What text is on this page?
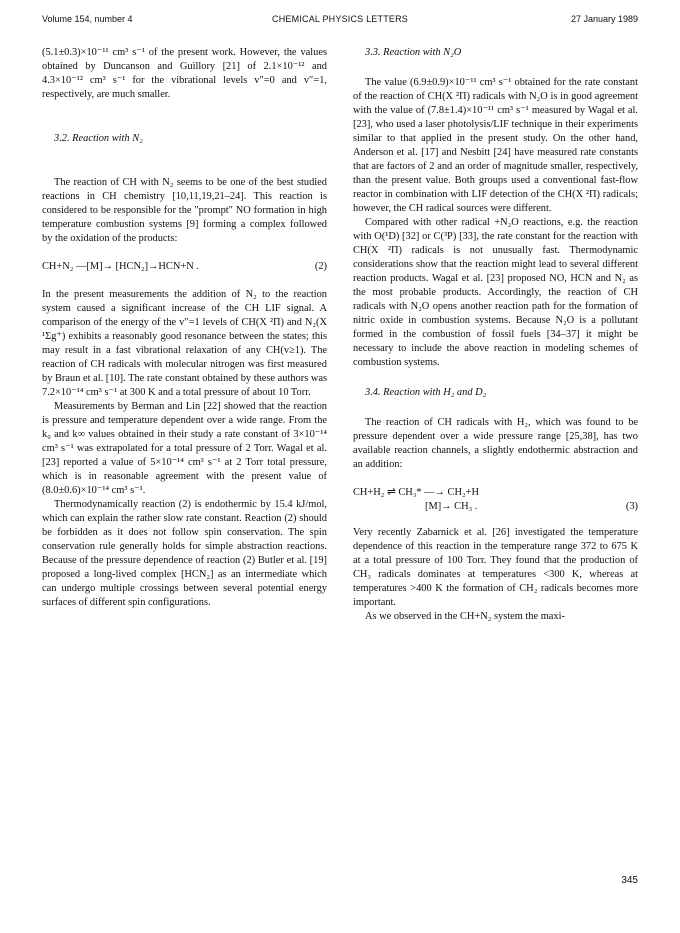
Volume 154, number 4	CHEMICAL PHYSICS LETTERS	27 January 1989

(5.1±0.3)×10⁻¹¹ cm³ s⁻¹ of the present work. However, the values obtained by Duncanson and Guillory [21] of 2.1×10⁻¹² and 4.3×10⁻¹² cm³ s⁻¹ for the vibrational levels v″=0 and v″=1, respectively, are much smaller.

3.2. Reaction with N₂

The reaction of CH with N₂ seems to be one of the best studied reactions in CH chemistry [10,11,19,21–24]. This reaction is considered to be responsible for the "prompt" NO formation in high temperature combustion systems [9] forming a complex followed by the oxidation of the products:

CH+N₂ —[M]→ [HCN₂]→HCN+N .	(2)

In the present measurements the addition of N₂ to the reaction system caused a significant increase of the CH LIF signal. A comparison of the energy of the v″=1 levels of CH(X ²Π) and N₂(X ¹Σg⁺) exhibits a reasonably good resonance between the states; this may result in a fast vibrational relaxation of any CH(v≥1). The reaction of CH radicals with molecular nitrogen was first measured by Braun et al. [10]. The rate constant obtained by these authors was 7.2×10⁻¹⁴ cm³ s⁻¹ at 300 K and a total pressure of about 10 Torr.

Measurements by Berman and Lin [22] showed that the reaction is pressure and temperature dependent over a wide range. From the k₀ and k∞ values obtained in their study a rate constant of 3×10⁻¹⁴ cm³ s⁻¹ was extrapolated for a total pressure of 2 Torr. Wagal et al. [23] reported a value of 5×10⁻¹⁴ cm³ s⁻¹ at 2 Torr total pressure, which is in reasonable agreement with the present value of (8.0±0.6)×10⁻¹⁴ cm³ s⁻¹.

Thermodynamically reaction (2) is endothermic by 15.4 kJ/mol, which can explain the rather slow rate constant. Reaction (2) should be forbidden as it does not follow spin conservation. The spin conservation rule generally holds for simple abstraction reactions. Because of the pressure dependence of reaction (2) Butler et al. [19] proposed a long-lived complex [HCN₂] as an intermediate which can undergo multiple crossings between several potential energy surfaces of different spin configurations.

3.3. Reaction with N₂O

The value (6.9±0.9)×10⁻¹¹ cm³ s⁻¹ obtained for the rate constant of the reaction of CH(X ²Π) radicals with N₂O is in good agreement with the value of (7.8±1.4)×10⁻¹¹ cm³ s⁻¹ measured by Wagal et al. [23], who used a laser photolysis/LIF technique in their experiments similar to that applied in the present study. On the other hand, Anderson et al. [17] and Nesbitt [24] have measured rate constants that are factors of 2 and an order of magnitude smaller, respectively, than the present value. Both groups used a conventional fast-flow reactor in combination with LIF detection of the CH(X ²Π) radicals; however, the CH radical sources were different.

Compared with other radical +N₂O reactions, e.g. the reaction with O(¹D) [32] or C(³P) [33], the rate constant for the reaction with CH(X ²Π) radicals is not unusually fast. Thermodynamic considerations show that the reaction might lead to several different reaction products. Wagal et al. [23] proposed NO, HCN and N₂ as the most probable products. Accordingly, the reaction of CH radicals with N₂O opens another reaction path for the formation of nitric oxide in combustion systems. Because N₂O is a pollutant formed in the combustion of fossil fuels [34–37] it might be necessary to include the above reaction in modeling schemes of combustion systems.

3.4. Reaction with H₂ and D₂

The reaction of CH radicals with H₂, which was found to be pressure dependent over a wide pressure range [25,38], has two available reaction channels, a slightly endothermic abstraction and an addition:

CH+H₂ ⇌ CH₃* —→ CH₂+H
[M]→ CH₃ .	(3)

Very recently Zabarnick et al. [26] investigated the temperature dependence of this reaction in the temperature range 372 to 675 K at a total pressure of 100 Torr. They found that the production of CH₃ radicals dominates at temperatures <300 K, whereas at temperatures >400 K the formation of CH₂ radicals becomes more important.

As we observed in the CH+N₂ system the maxi-

345
